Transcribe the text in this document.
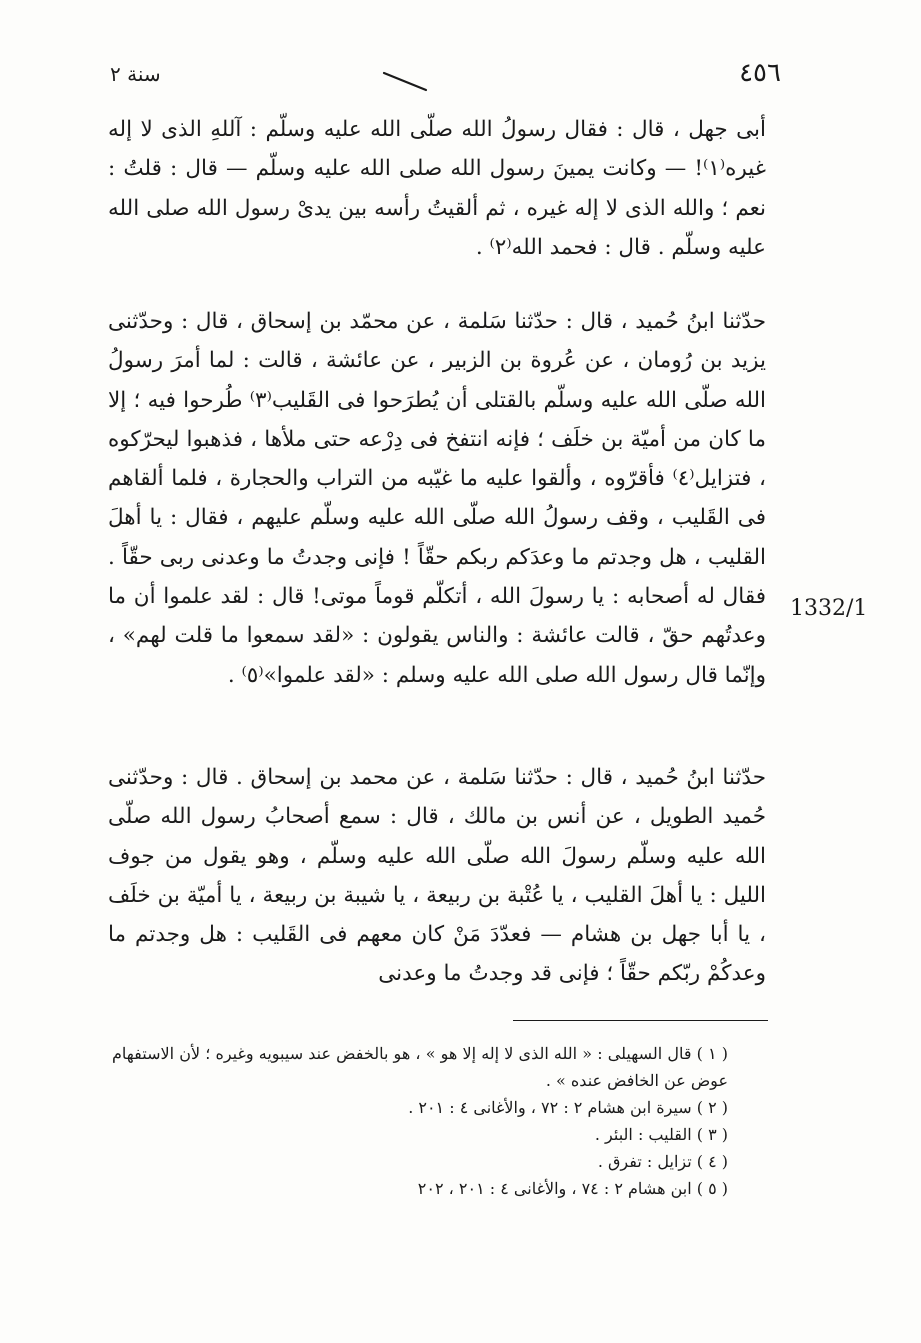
٤٥٦
سنة ٢

أبى جهل ، قال : فقال رسولُ الله صلّى الله عليه وسلّم : آللهِ الذى لا إله غيره⁽١⁾! — وكانت يمينَ رسول الله صلى الله عليه وسلّم — قال : قلتُ : نعم ؛ والله الذى لا إله غيره ، ثم ألقيتُ رأسه بين يدىْ رسول الله صلى الله عليه وسلّم . قال : فحمد الله⁽٢⁾ .

حدّثنا ابنُ حُميد ، قال : حدّثنا سَلمة ، عن محمّد بن إسحاق ، قال : وحدّثنى يزيد بن رُومان ، عن عُروة بن الزبير ، عن عائشة ، قالت : لما أمرَ رسولُ الله صلّى الله عليه وسلّم بالقتلى أن يُطرَحوا فى القَليب⁽٣⁾ طُرحوا فيه ؛ إلا ما كان من أميّة بن خلَف ؛ فإنه انتفخ فى دِرْعه حتى ملأها ، فذهبوا ليحرّكوه ، فتزايل⁽٤⁾ فأقرّوه ، وألقوا عليه ما غيّبه من التراب والحجارة ، فلما ألقاهم فى القَليب ، وقف رسولُ الله صلّى الله عليه وسلّم عليهم ، فقال : يا أهلَ القليب ، هل وجدتم ما وعدَكم ربكم حقّاً ! فإنى وجدتُ ما وعدنى ربى حقّاً . فقال له أصحابه : يا رسولَ الله ، أتكلّم قوماً موتى! قال : لقد علموا أن ما وعدتُهم حقّ ، قالت عائشة : والناس يقولون : «لقد سمعوا ما قلت لهم» ، وإنّما قال رسول الله صلى الله عليه وسلم : «لقد علموا»⁽٥⁾ .

1332/1

حدّثنا ابنُ حُميد ، قال : حدّثنا سَلمة ، عن محمد بن إسحاق . قال : وحدّثنى حُميد الطويل ، عن أنس بن مالك ، قال : سمع أصحابُ رسول الله صلّى الله عليه وسلّم رسولَ الله صلّى الله عليه وسلّم ، وهو يقول من جوف الليل : يا أهلَ القليب ، يا عُتْبة بن ربيعة ، يا شيبة بن ربيعة ، يا أميّة بن خلَف ، يا أبا جهل بن هشام — فعدّدَ مَنْ كان معهم فى القَليب : هل وجدتم ما وعدكُمْ ربّكم حقّاً ؛ فإنى قد وجدتُ ما وعدنى

( ١ ) قال السهيلى : « الله الذى لا إله إلا هو » ، هو بالخفض عند سيبويه وغيره ؛ لأن الاستفهام عوض عن الخافض عنده » .

( ٢ ) سيرة ابن هشام ٢ : ٧٢ ، والأغانى ٤ : ٢٠١ .

( ٣ ) القليب : البئر .

( ٤ ) تزايل : تفرق .

( ٥ ) ابن هشام ٢ : ٧٤ ، والأغانى ٤ : ٢٠١ ، ٢٠٢
